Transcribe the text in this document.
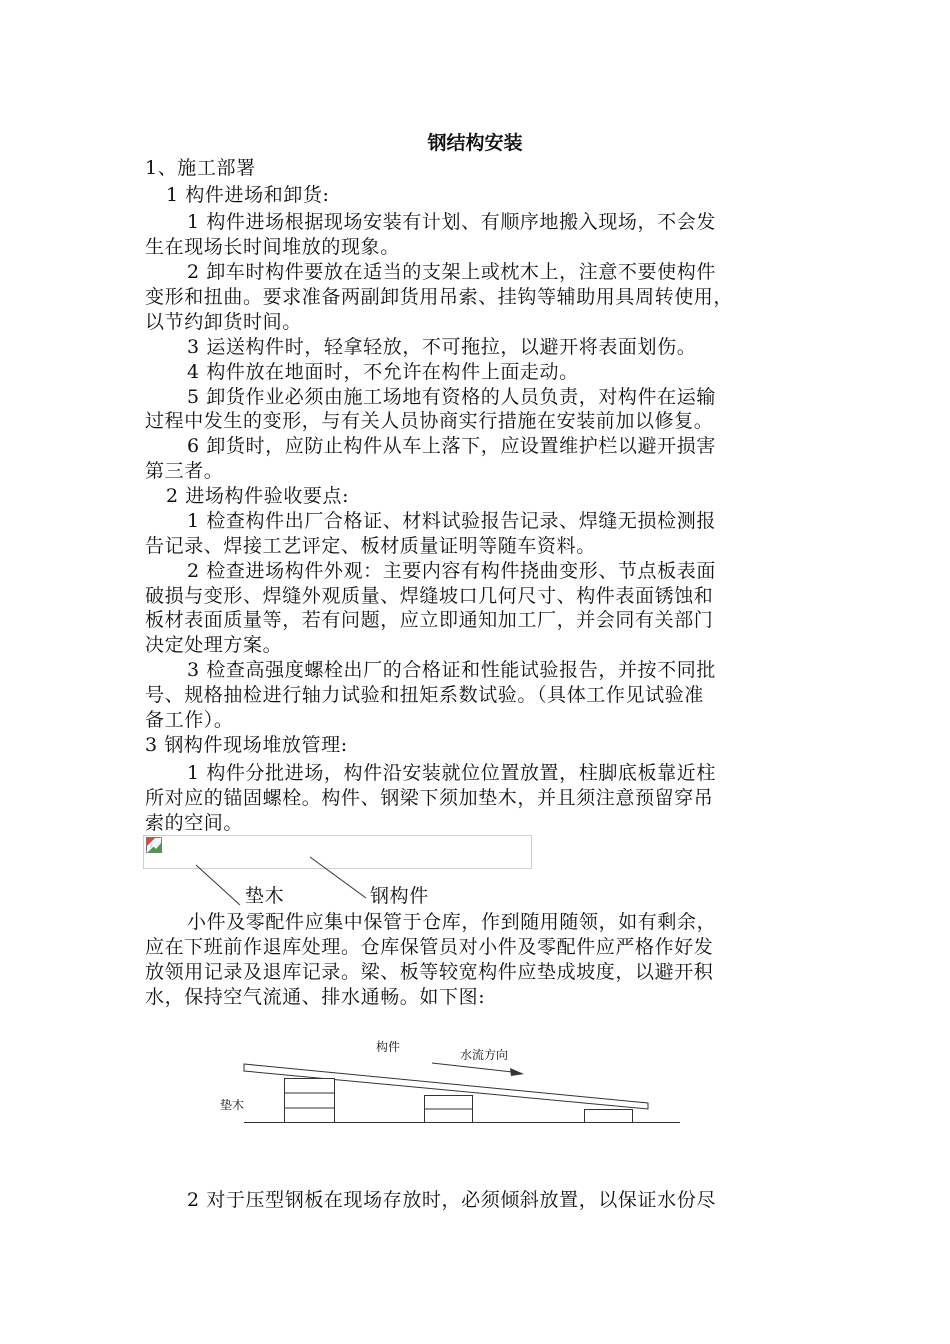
钢结构安装
1、施工部署
1 构件进场和卸货:
1 构件进场根据现场安装有计划、有顺序地搬入现场，不会发
生在现场长时间堆放的现象。
2 卸车时构件要放在适当的支架上或枕木上，注意不要使构件
变形和扭曲。要求准备两副卸货用吊索、挂钩等辅助用具周转使用，
以节约卸货时间。
3 运送构件时，轻拿轻放，不可拖拉，以避开将表面划伤。
4 构件放在地面时，不允许在构件上面走动。
5 卸货作业必须由施工场地有资格的人员负责，对构件在运输
过程中发生的变形，与有关人员协商实行措施在安装前加以修复。
6 卸货时，应防止构件从车上落下，应设置维护栏以避开损害
第三者。
2 进场构件验收要点:
1 检查构件出厂合格证、材料试验报告记录、焊缝无损检测报
告记录、焊接工艺评定、板材质量证明等随车资料。
2 检查进场构件外观：主要内容有构件挠曲变形、节点板表面
破损与变形、焊缝外观质量、焊缝坡口几何尺寸、构件表面锈蚀和
板材表面质量等，若有问题，应立即通知加工厂，并会同有关部门
决定处理方案。
3 检查高强度螺栓出厂的合格证和性能试验报告，并按不同批
号、规格抽检进行轴力试验和扭矩系数试验。（具体工作见试验准
备工作）。
3 钢构件现场堆放管理:
1 构件分批进场，构件沿安装就位位置放置，柱脚底板靠近柱
所对应的锚固螺栓。构件、钢梁下须加垫木，并且须注意预留穿吊
索的空间。
垫木	钢构件
小件及零配件应集中保管于仓库，作到随用随领，如有剩余，
应在下班前作退库处理。仓库保管员对小件及零配件应严格作好发
放领用记录及退库记录。梁、板等较宽构件应垫成坡度，以避开积
水，保持空气流通、排水通畅。如下图:
构件
水流方向
垫木
2 对于压型钢板在现场存放时，必须倾斜放置，以保证水份尽
